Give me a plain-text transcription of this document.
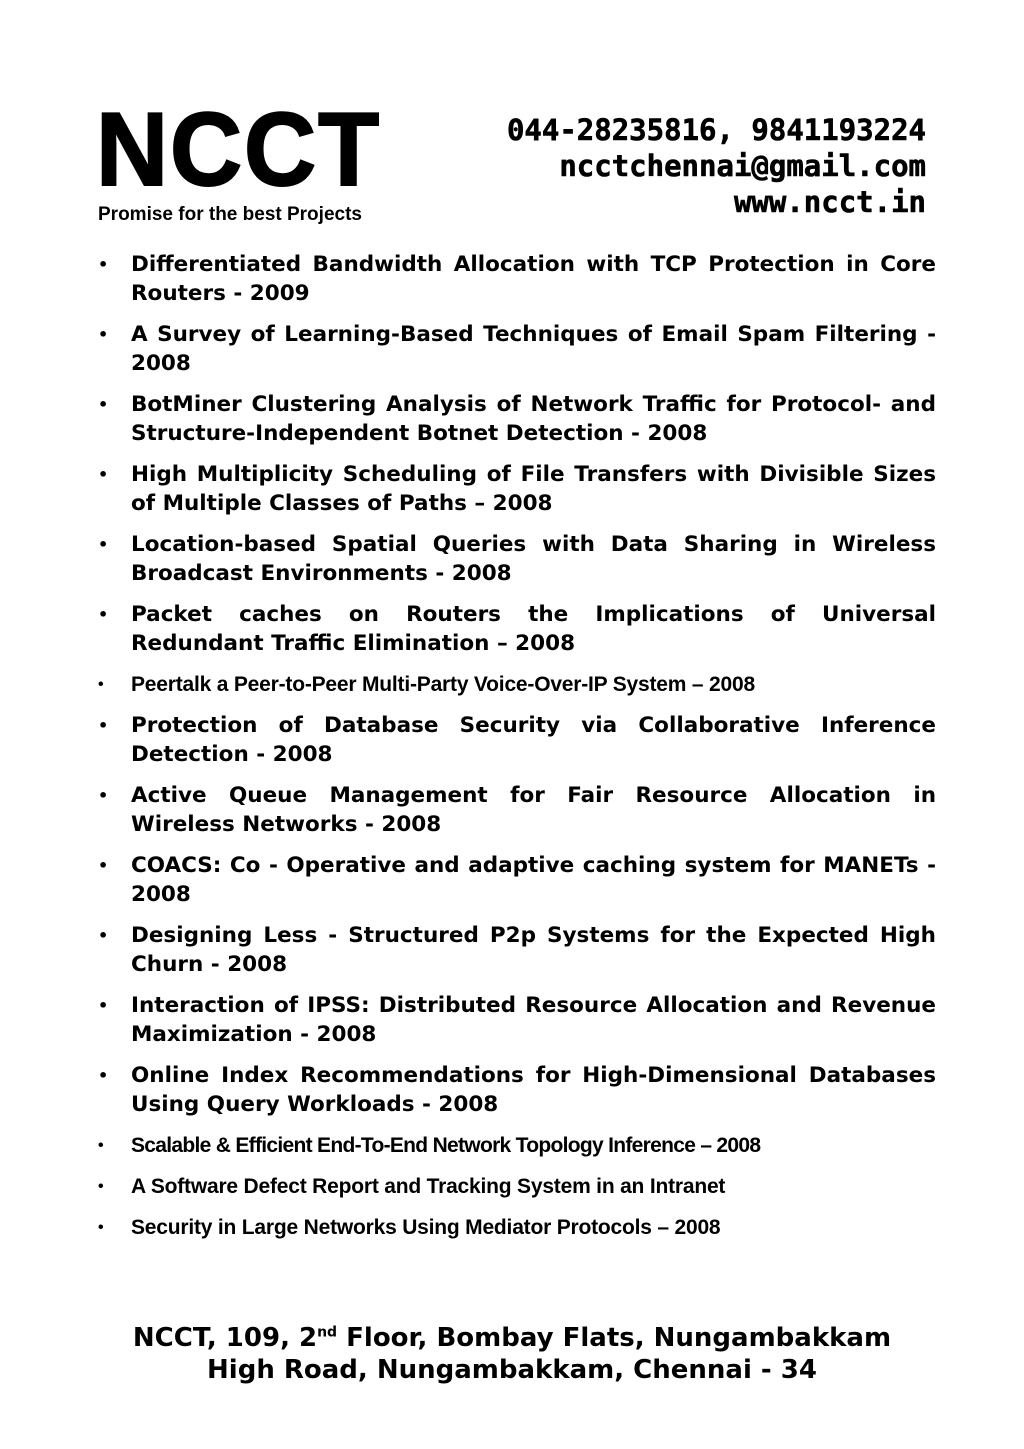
NCCT
Promise for the best Projects
044-28235816, 9841193224
ncctchennai@gmail.com
www.ncct.in
• Differentiated Bandwidth Allocation with TCP Protection in Core Routers - 2009
• A Survey of Learning-Based Techniques of Email Spam Filtering - 2008
• BotMiner Clustering Analysis of Network Traffic for Protocol- and Structure-Independent Botnet Detection - 2008
• High Multiplicity Scheduling of File Transfers with Divisible Sizes of Multiple Classes of Paths – 2008
• Location-based Spatial Queries with Data Sharing in Wireless Broadcast Environments - 2008
• Packet caches on Routers the Implications of Universal Redundant Traffic Elimination – 2008
• Peertalk a Peer-to-Peer Multi-Party Voice-Over-IP System – 2008
• Protection of Database Security via Collaborative Inference Detection - 2008
• Active Queue Management for Fair Resource Allocation in Wireless Networks - 2008
• COACS: Co - Operative and adaptive caching system for MANETs - 2008
• Designing Less - Structured P2p Systems for the Expected High Churn - 2008
• Interaction of IPSS: Distributed Resource Allocation and Revenue Maximization - 2008
• Online Index Recommendations for High-Dimensional Databases Using Query Workloads - 2008
• Scalable & Efficient End-To-End Network Topology Inference – 2008
• A Software Defect Report and Tracking System in an Intranet
• Security in Large Networks Using Mediator Protocols – 2008
NCCT, 109, 2nd Floor, Bombay Flats, Nungambakkam
High Road, Nungambakkam, Chennai - 34
